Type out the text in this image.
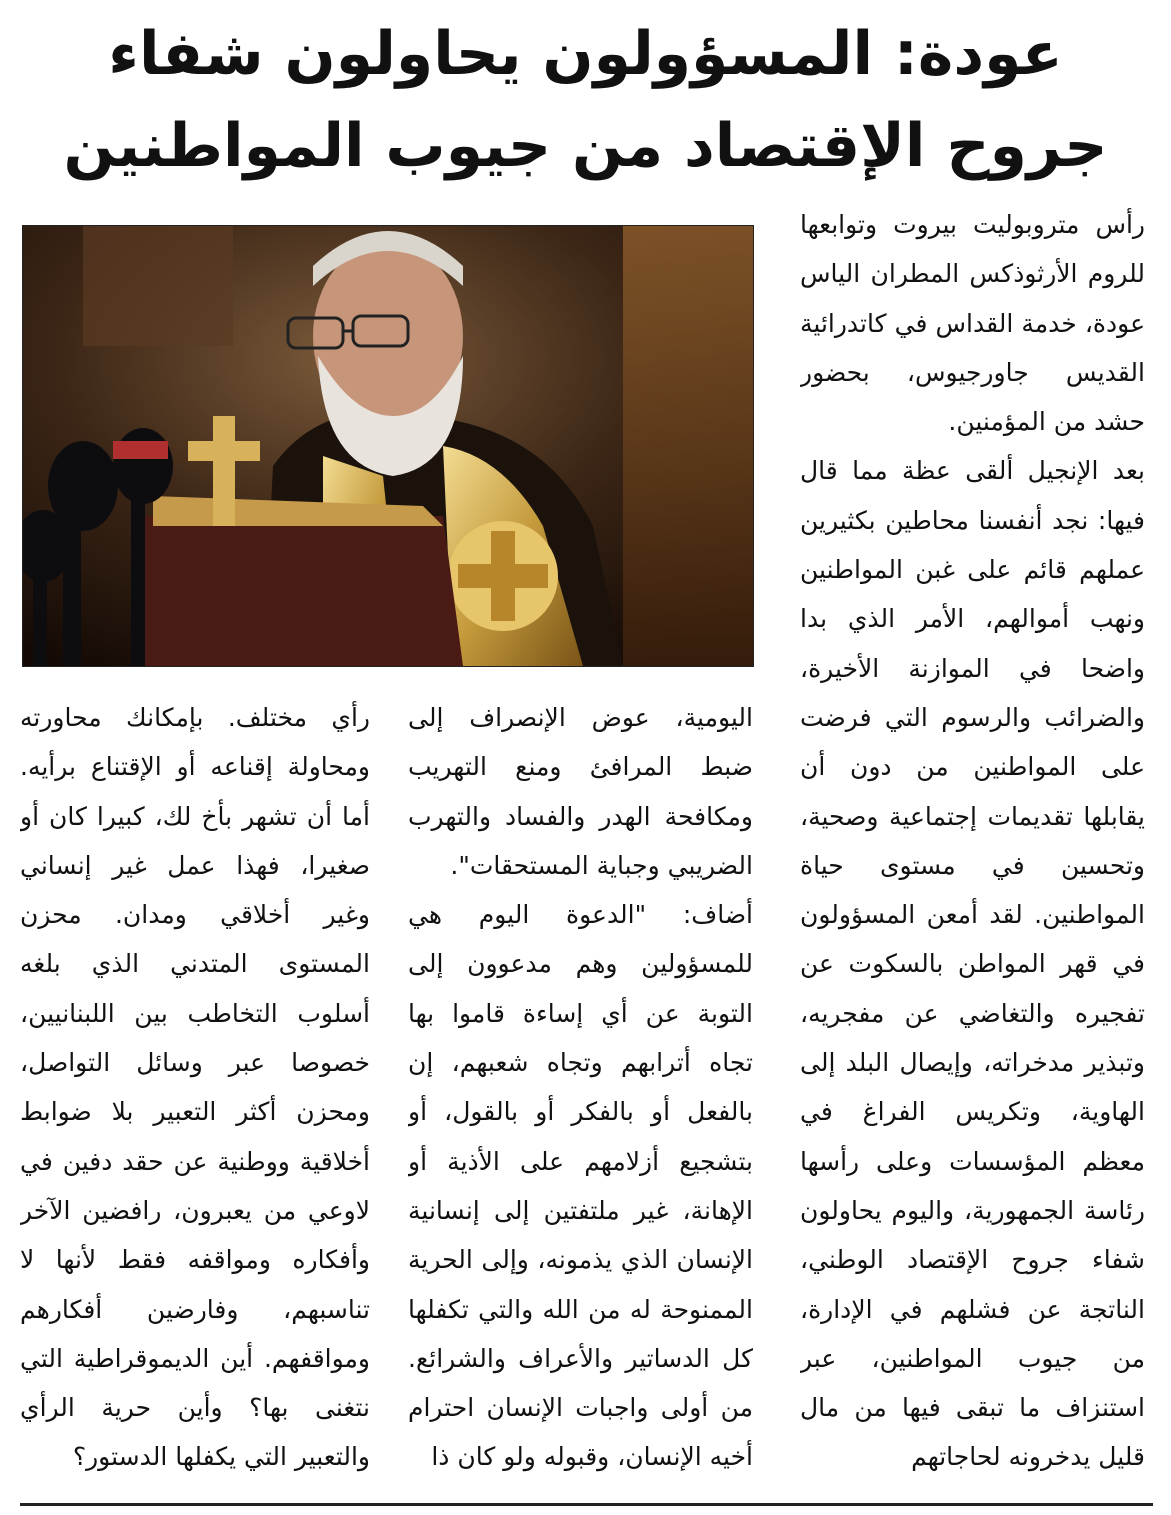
عودة: المسؤولون يحاولون شفاء
جروح الإقتصاد من جيوب المواطنين

رأس متروبوليت بيروت وتوابعها للروم الأرثوذكس المطران الياس عودة، خدمة القداس في كاتدرائية القديس جاورجيوس، بحضور حشد من المؤمنين.

بعد الإنجيل ألقى عظة مما قال فيها: نجد أنفسنا محاطين بكثيرين عملهم قائم على غبن المواطنين ونهب أموالهم، الأمر الذي بدا واضحا في الموازنة الأخيرة، والضرائب والرسوم التي فرضت على المواطنين من دون أن يقابلها تقديمات إجتماعية وصحية، وتحسين في مستوى حياة المواطنين. لقد أمعن المسؤولون في قهر المواطن بالسكوت عن تفجيره والتغاضي عن مفجريه، وتبذير مدخراته، وإيصال البلد إلى الهاوية، وتكريس الفراغ في معظم المؤسسات وعلى رأسها رئاسة الجمهورية، واليوم يحاولون شفاء جروح الإقتصاد الوطني، الناتجة عن فشلهم في الإدارة، من جيوب المواطنين، عبر استنزاف ما تبقى فيها من مال قليل يدخرونه لحاجاتهم

اليومية، عوض الإنصراف إلى ضبط المرافئ ومنع التهريب ومكافحة الهدر والفساد والتهرب الضريبي وجباية المستحقات".

أضاف: "الدعوة اليوم هي للمسؤولين وهم مدعوون إلى التوبة عن أي إساءة قاموا بها تجاه أترابهم وتجاه شعبهم، إن بالفعل أو بالفكر أو بالقول، أو بتشجيع أزلامهم على الأذية أو الإهانة، غير ملتفتين إلى إنسانية الإنسان الذي يذمونه، وإلى الحرية الممنوحة له من الله والتي تكفلها كل الدساتير والأعراف والشرائع. من أولى واجبات الإنسان احترام أخيه الإنسان، وقبوله ولو كان ذا

رأي مختلف. بإمكانك محاورته ومحاولة إقناعه أو الإقتناع برأيه. أما أن تشهر بأخ لك، كبيرا كان أو صغيرا، فهذا عمل غير إنساني وغير أخلاقي ومدان. محزن المستوى المتدني الذي بلغه أسلوب التخاطب بين اللبنانيين، خصوصا عبر وسائل التواصل، ومحزن أكثر التعبير بلا ضوابط أخلاقية ووطنية عن حقد دفين في لاوعي من يعبرون، رافضين الآخر وأفكاره ومواقفه فقط لأنها لا تناسبهم، وفارضين أفكارهم ومواقفهم. أين الديموقراطية التي نتغنى بها؟ وأين حرية الرأي والتعبير التي يكفلها الدستور؟
